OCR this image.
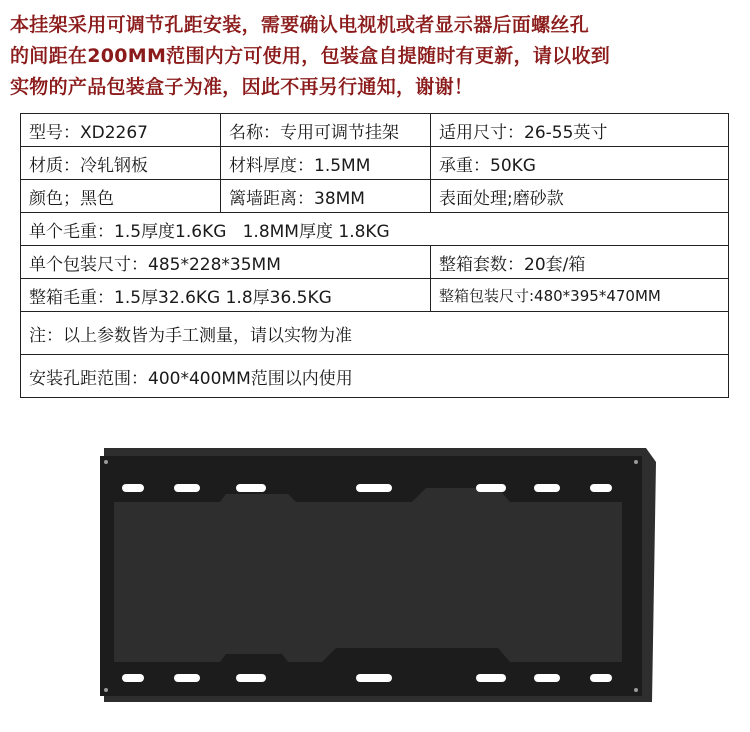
本挂架采用可调节孔距安装，需要确认电视机或者显示器后面螺丝孔
的间距在200MM范围内方可使用，包装盒自提随时有更新，请以收到
实物的产品包装盒子为准，因此不再另行通知，谢谢！
型号：XD2267	名称：专用可调节挂架	适用尺寸：26-55英寸
材质：冷轧钢板	材料厚度：1.5MM	承重：50KG
颜色；黑色	篱墙距离：38MM	表面处理;磨砂款
单个毛重：1.5厚度1.6KG   1.8MM厚度 1.8KG		
单个包装尺寸：485*228*35MM		整箱套数：20套/箱
整箱毛重：1.5厚32.6KG 1.8厚36.5KG		整箱包装尺寸:480*395*470MM
注：以上参数皆为手工测量，请以实物为准		
安装孔距范围：400*400MM范围以内使用		
